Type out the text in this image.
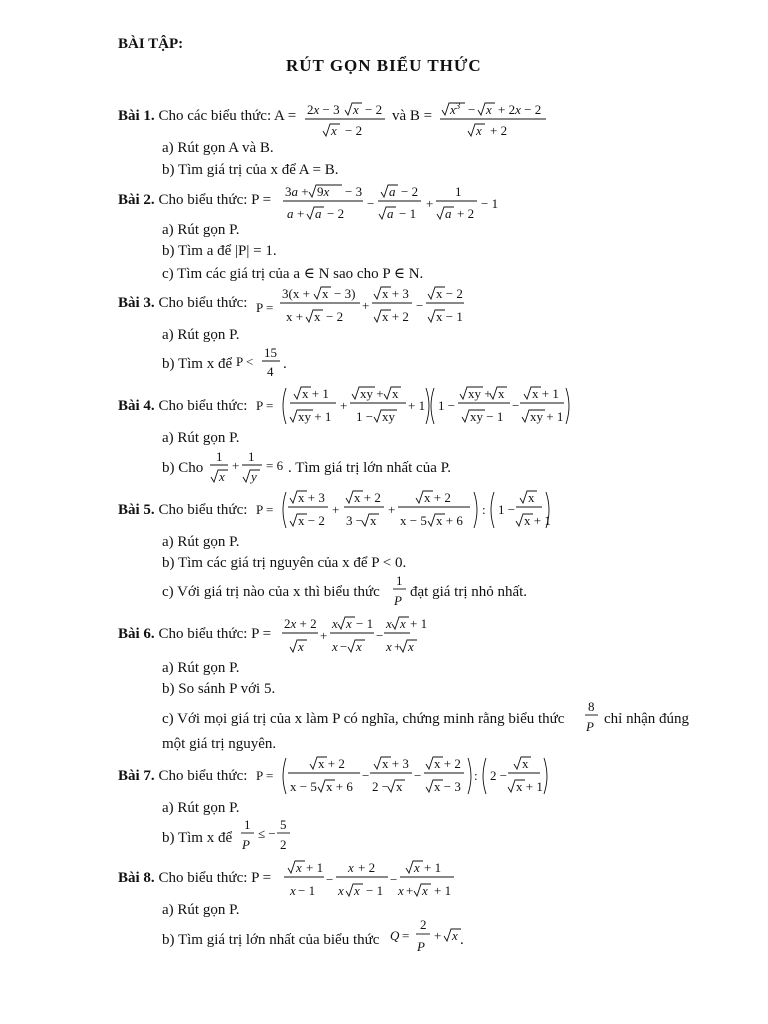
BÀI TẬP:
RÚT GỌN BIỂU THỨC
Bài 1. Cho các biểu thức: A = 2x − 3 x − 2
x − 2
và $B = x^3 - x + 2x - 2$
x + 2
a) Rút gọn A và B.
b) Tìm giá trị của x để A = B.
Bài 2. Cho biểu thức: P =
3a + 9x − 3
a + a − 2
−
a − 2
a − 1
+
1
a + 2
− 1
a) Rút gọn P.
b) Tìm a để |P| = 1.
c) Tìm các giá trị của a ∈ N sao cho P ∈ N.
Bài 3. Cho biểu thức: P =
3(x + x − 3)
x + x − 2
+
x + 3
x + 2
−
x − 2
x − 1
a) Rút gọn P.
b) Tìm x để P <
15
4 .
Bài 4. Cho biểu thức: P =
x + 1
xy + 1
+
xy + x
1 − xy
+ 1 1 −
xy + x
xy − 1
−
x + 1
xy + 1
a) Rút gọn P.
b) Cho
1
x
+
1
y
= 6 . Tìm giá trị lớn nhất của P.
Bài 5. Cho biểu thức: P =
x + 3
x − 2
+
x + 2
3 − x
+
x + 2
x − 5 x + 6
: 1 −
x
x + 1
a) Rút gọn P.
b) Tìm các giá trị nguyên của x để P < 0.
c) Với giá trị nào của x thì biểu thức
1
P
đạt giá trị nhỏ nhất.
Bài 6. Cho biểu thức: P =
2x + 2
x
+
x x − 1
x − x
−
x x + 1
x + x
a) Rút gọn P.
b) So sánh P với 5.
c) Với mọi giá trị của x làm P có nghĩa, chứng minh rằng biểu thức
8
P chỉ nhận đúng
một giá trị nguyên.
Bài 7. Cho biểu thức: P =
x + 2
x − 5 x + 6
−
x + 3
2 − x
−
x + 2
x − 3
: 2 −
x
x + 1
a) Rút gọn P.
b) Tìm x để
1
P
≤ −
5
2
Bài 8. Cho biểu thức: P =
x + 1
x − 1
−
x + 2
x x − 1
−
x + 1
x + x + 1
a) Rút gọn P.
b) Tìm giá trị lớn nhất của biểu thức Q =
2
P
+ x .
